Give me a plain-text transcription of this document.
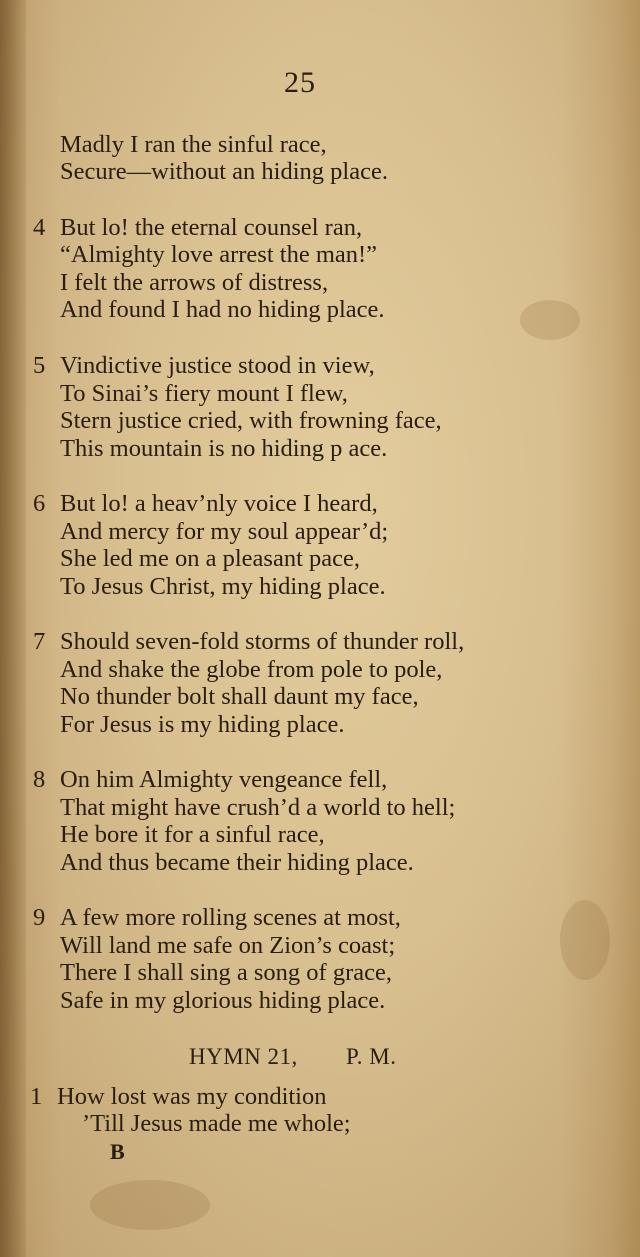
25
Madly I ran the sinful race,
Secure—without an hiding place.
4 But lo! the eternal counsel ran,
“Almighty love arrest the man!”
I felt the arrows of distress,
And found I had no hiding place.
5 Vindictive justice stood in view,
To Sinai’s fiery mount I flew,
Stern justice cried, with frowning face,
This mountain is no hiding p ace.
6 But lo! a heav’nly voice I heard,
And mercy for my soul appear’d;
She led me on a pleasant pace,
To Jesus Christ, my hiding place.
7 Should seven-fold storms of thunder roll,
And shake the globe from pole to pole,
No thunder bolt shall daunt my face,
For Jesus is my hiding place.
8 On him Almighty vengeance fell,
That might have crush’d a world to hell;
He bore it for a sinful race,
And thus became their hiding place.
9 A few more rolling scenes at most,
Will land me safe on Zion’s coast;
There I shall sing a song of grace,
Safe in my glorious hiding place.
HYMN 21, P. M.
1 How lost was my condition
’Till Jesus made me whole;
B
